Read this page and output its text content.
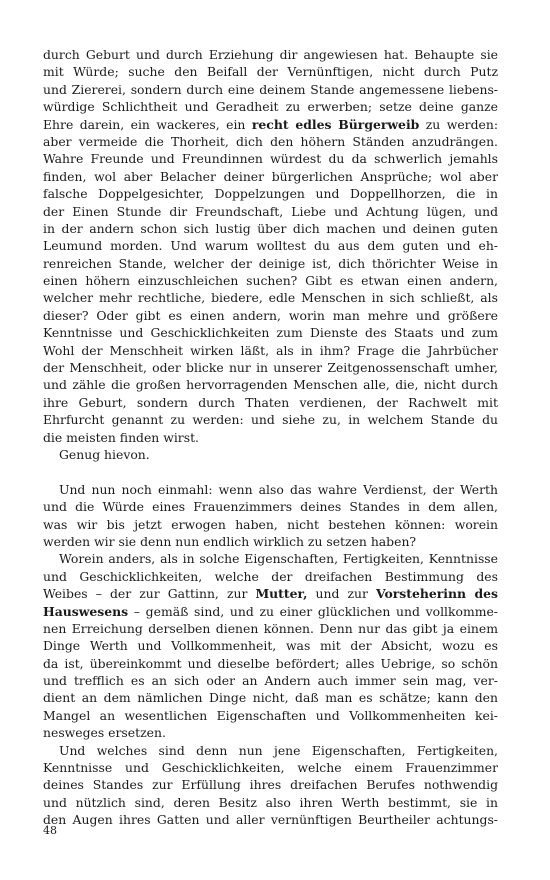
durch Geburt und durch Erziehung dir angewiesen hat. Behaupte sie
mit Würde; suche den Beifall der Vernünftigen, nicht durch Putz
und Ziererei, sondern durch eine deinem Stande angemessene liebens-
würdige Schlichtheit und Geradheit zu erwerben; setze deine ganze
Ehre darein, ein wackeres, ein recht edles Bürgerweib zu werden:
aber vermeide die Thorheit, dich den höhern Ständen anzudrängen.
Wahre Freunde und Freundinnen würdest du da schwerlich jemahls
finden, wol aber Belacher deiner bürgerlichen Ansprüche; wol aber
falsche Doppelgesichter, Doppelzungen und Doppellhorzen, die in
der Einen Stunde dir Freundschaft, Liebe und Achtung lügen, und
in der andern schon sich lustig über dich machen und deinen guten
Leumund morden. Und warum wolltest du aus dem guten und eh-
renreichen Stande, welcher der deinige ist, dich thörichter Weise in
einen höhern einzuschleichen suchen? Gibt es etwan einen andern,
welcher mehr rechtliche, biedere, edle Menschen in sich schließt, als
dieser? Oder gibt es einen andern, worin man mehre und größere
Kenntnisse und Geschicklichkeiten zum Dienste des Staats und zum
Wohl der Menschheit wirken läßt, als in ihm? Frage die Jahrbücher
der Menschheit, oder blicke nur in unserer Zeitgenossenschaft umher,
und zähle die großen hervorragenden Menschen alle, die, nicht durch
ihre Geburt, sondern durch Thaten verdienen, der Rachwelt mit
Ehrfurcht genannt zu werden: und siehe zu, in welchem Stande du
die meisten finden wirst.
Genug hievon.
Und nun noch einmahl: wenn also das wahre Verdienst, der Werth
und die Würde eines Frauenzimmers deines Standes in dem allen,
was wir bis jetzt erwogen haben, nicht bestehen können: worein
werden wir sie denn nun endlich wirklich zu setzen haben?
Worein anders, als in solche Eigenschaften, Fertigkeiten, Kenntnisse
und Geschicklichkeiten, welche der dreifachen Bestimmung des
Weibes – der zur Gattinn, zur Mutter, und zur Vorsteherinn des
Hauswesens – gemäß sind, und zu einer glücklichen und vollkomme-
nen Erreichung derselben dienen können. Denn nur das gibt ja einem
Dinge Werth und Vollkommenheit, was mit der Absicht, wozu es
da ist, übereinkommt und dieselbe befördert; alles Uebrige, so schön
und trefflich es an sich oder an Andern auch immer sein mag, ver-
dient an dem nämlichen Dinge nicht, daß man es schätze; kann den
Mangel an wesentlichen Eigenschaften und Vollkommenheiten kei-
nesweges ersetzen.
Und welches sind denn nun jene Eigenschaften, Fertigkeiten,
Kenntnisse und Geschicklichkeiten, welche einem Frauenzimmer
deines Standes zur Erfüllung ihres dreifachen Berufes nothwendig
und nützlich sind, deren Besitz also ihren Werth bestimmt, sie in
den Augen ihres Gatten und aller vernünftigen Beurtheiler achtungs-
48
